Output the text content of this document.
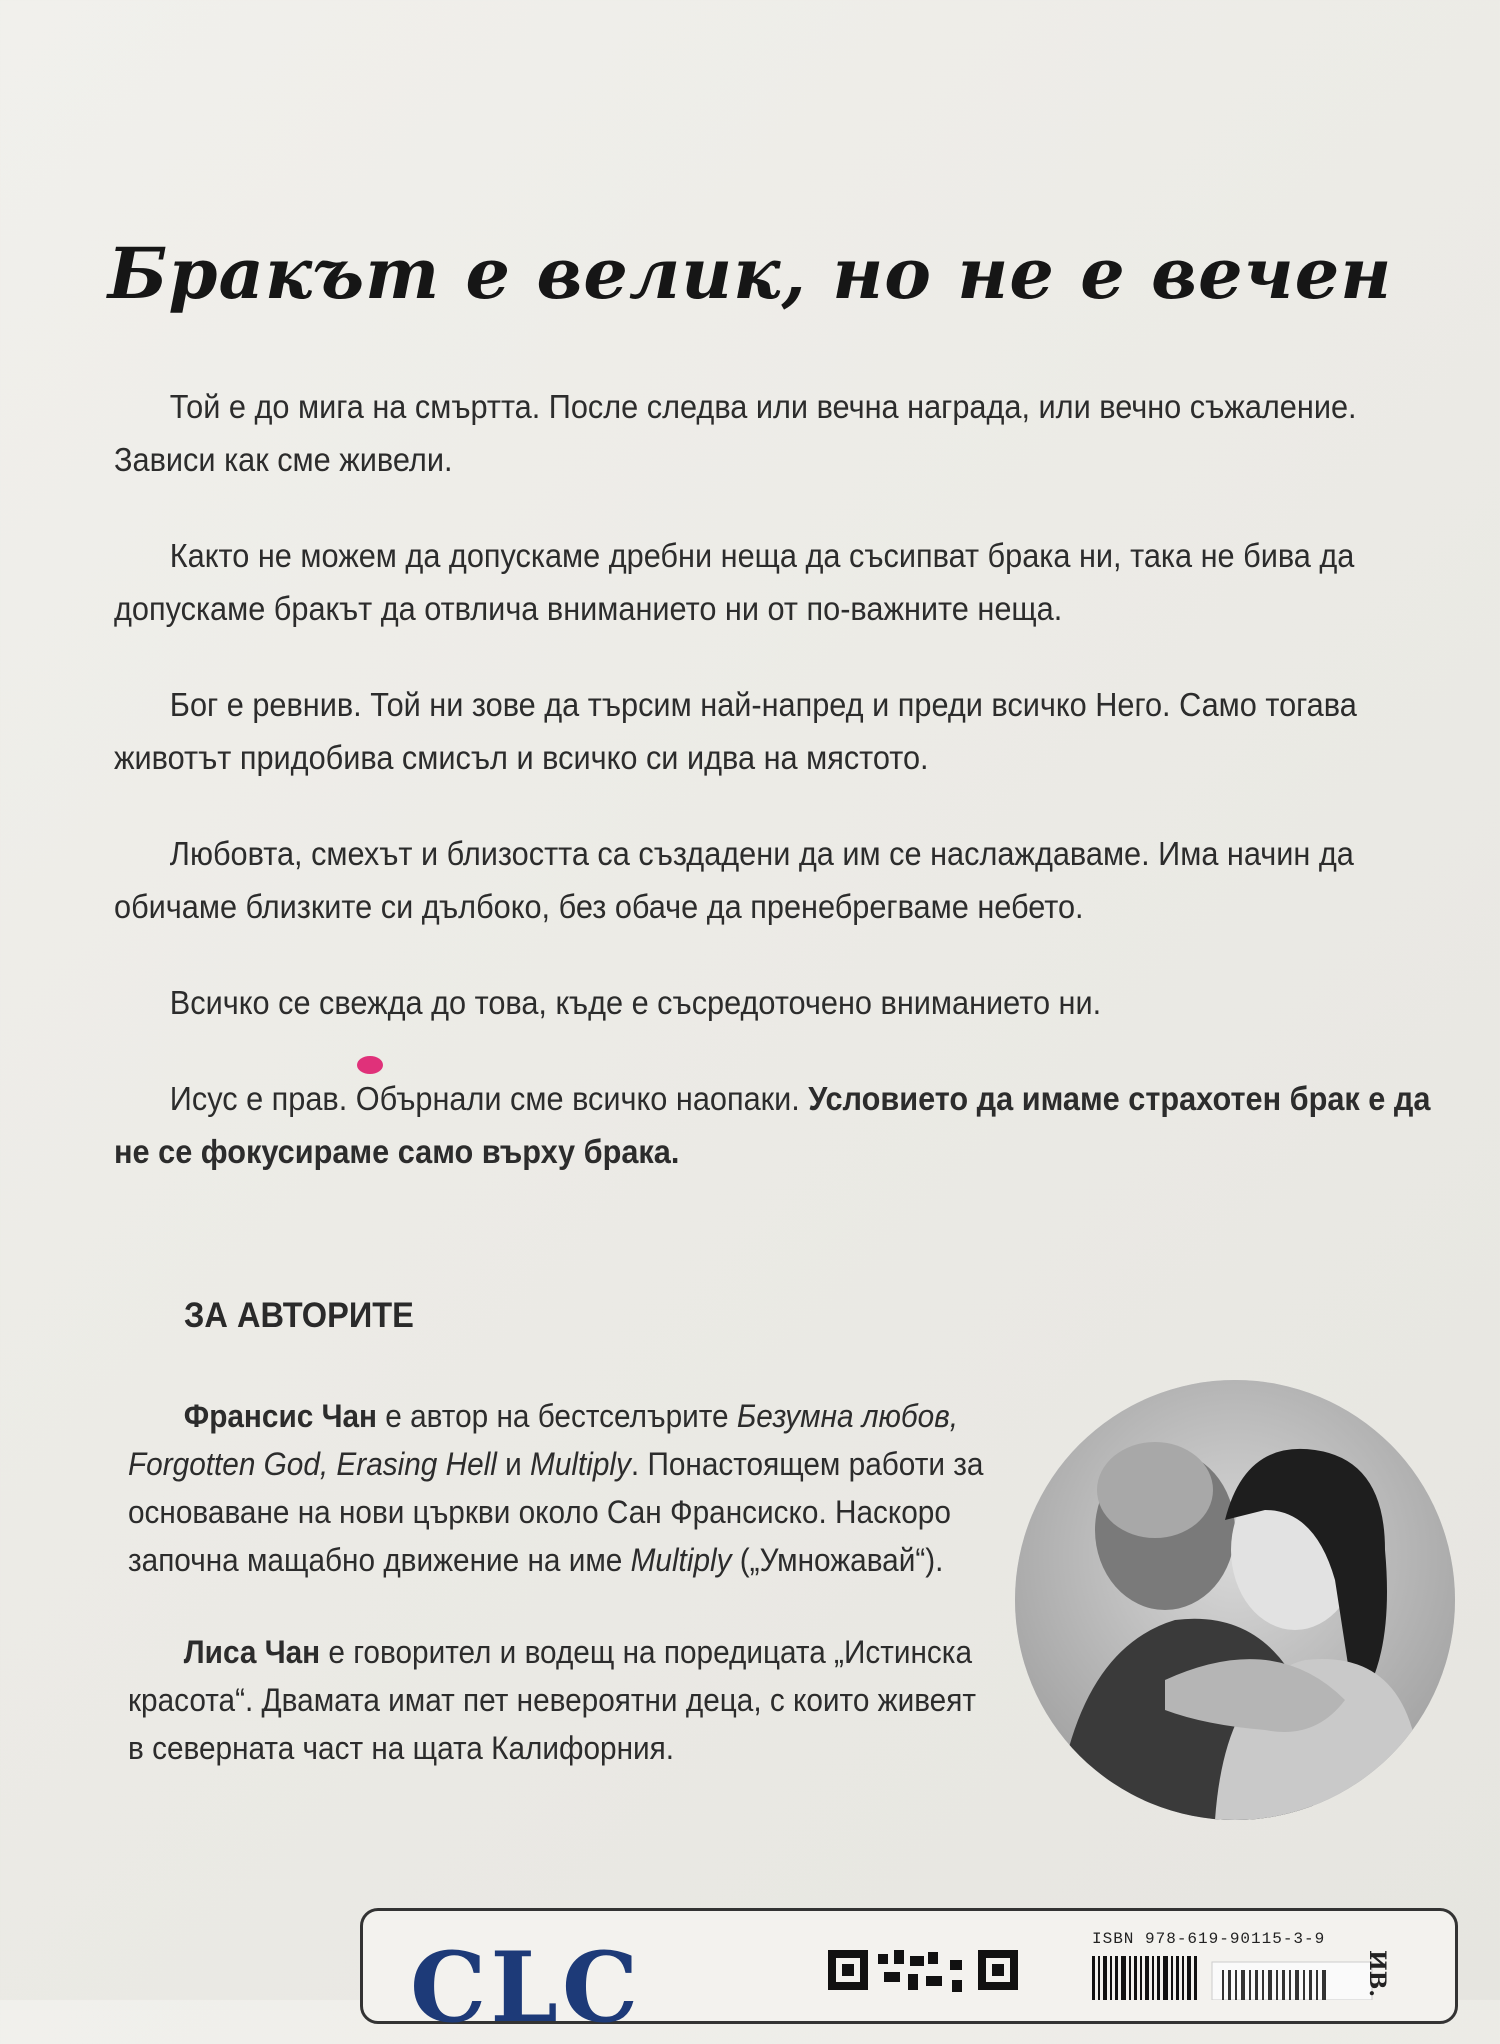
Бракът е велик, но не е вечен

Той е до мига на смъртта. После следва или вечна награда, или вечно съжаление. Зависи как сме живели.

Както не можем да допускаме дребни неща да съсипват брака ни, така не бива да допускаме бракът да отвлича вниманието ни от по-важните неща.

Бог е ревнив. Той ни зове да търсим най-напред и преди всичко Него. Само тогава животът придобива смисъл и всичко си идва на мястото.

Любовта, смехът и близостта са създадени да им се наслаждаваме. Има начин да обичаме близките си дълбоко, без обаче да пренебрегваме небето.

Всичко се свежда до това, къде е съсредоточено вниманието ни.

Исус е прав. Обърнали сме всичко наопаки. Условието да имаме страхотен брак е да не се фокусираме само върху брака.

ЗА АВТОРИТЕ

Франсис Чан е автор на бестселърите Безумна любов, Forgotten God, Erasing Hell и Multiply. Понастоящем работи за основаване на нови църкви около Сан Франсиско. Наскоро започна мащабно движение на име Multiply („Умножавай“).

Лиса Чан е говорител и водещ на поредицата „Истинска красота“. Двамата имат пет невероятни деца, с които живеят в северната част на щата Калифорния.

CLC	ISBN 978-619-90115-3-9
ИВ.
